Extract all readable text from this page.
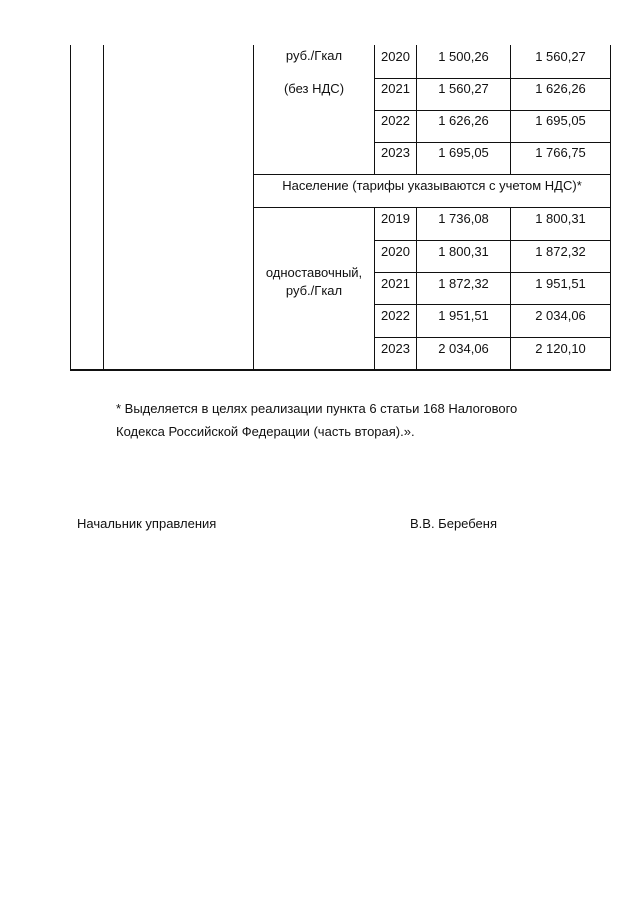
руб./Гкал
(без НДС)
2020	1 500,26	1 560,27
2021	1 560,27	1 626,26
2022	1 626,26	1 695,05
2023	1 695,05	1 766,75
Население (тарифы указываются с учетом НДС)*
одноставочный,
руб./Гкал
2019	1 736,08	1 800,31
2020	1 800,31	1 872,32
2021	1 872,32	1 951,51
2022	1 951,51	2 034,06
2023	2 034,06	2 120,10
* Выделяется в целях реализации пункта 6 статьи 168 Налогового
Кодекса Российской Федерации (часть вторая).».
Начальник управления	В.В. Беребеня
